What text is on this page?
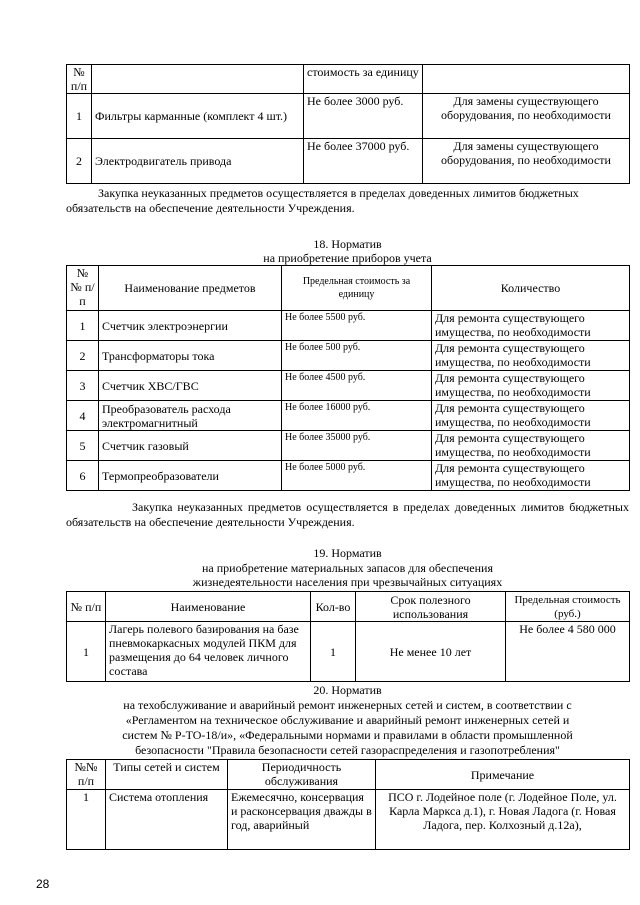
№ п/п		стоимость за единицу	
1	Фильтры карманные (комплект 4 шт.)	Не более 3000 руб.	Для замены существующего оборудования, по необходимости
2	Электродвигатель привода	Не более 37000 руб.	Для замены существующего оборудования, по необходимости
Закупка неуказанных предметов осуществляется в пределах доведенных лимитов бюджетных обязательств на обеспечение деятельности Учреждения.
18. Норматив
на приобретение приборов учета
№ № п/п	Наименование предметов	Предельная стоимость за единицу	Количество
1	Счетчик электроэнергии	Не более 5500 руб.	Для ремонта существующего имущества, по необходимости
2	Трансформаторы тока	Не более 500 руб.	Для ремонта существующего имущества, по необходимости
3	Счетчик ХВС/ГВС	Не более 4500 руб.	Для ремонта существующего имущества, по необходимости
4	Преобразователь расхода электромагнитный	Не более 16000 руб.	Для ремонта существующего имущества, по необходимости
5	Счетчик газовый	Не более 35000 руб.	Для ремонта существующего имущества, по необходимости
6	Термопреобразователи	Не более 5000 руб.	Для ремонта существующего имущества, по необходимости
Закупка неуказанных предметов осуществляется в пределах доведенных лимитов бюджетных обязательств на обеспечение деятельности Учреждения.
19. Норматив
на приобретение материальных запасов для обеспечения
жизнедеятельности населения при чрезвычайных ситуациях
№ п/п	Наименование	Кол-во	Срок полезного использования	Предельная стоимость (руб.)
1	Лагерь полевого базирования на базе пневмокаркасных модулей ПКМ для размещения до 64 человек личного состава	1	Не менее 10 лет	Не более 4 580 000
20. Норматив
на техобслуживание и аварийный ремонт инженерных сетей и систем, в соответствии с
«Регламентом на техническое обслуживание и аварийный ремонт инженерных сетей и
систем № Р-ТО-18/и», «Федеральными нормами и правилами в области промышленной
безопасности "Правила безопасности сетей газораспределения и газопотребления"
№№ п/п	Типы сетей и систем	Периодичность обслуживания	Примечание
1	Система отопления	Ежемесячно, консервация и расконсервация дважды в год, аварийный	ПСО г. Лодейное поле (г. Лодейное Поле, ул. Карла Маркса д.1), г. Новая Ладога (г. Новая Ладога, пер. Колхозный д.12а),
28
